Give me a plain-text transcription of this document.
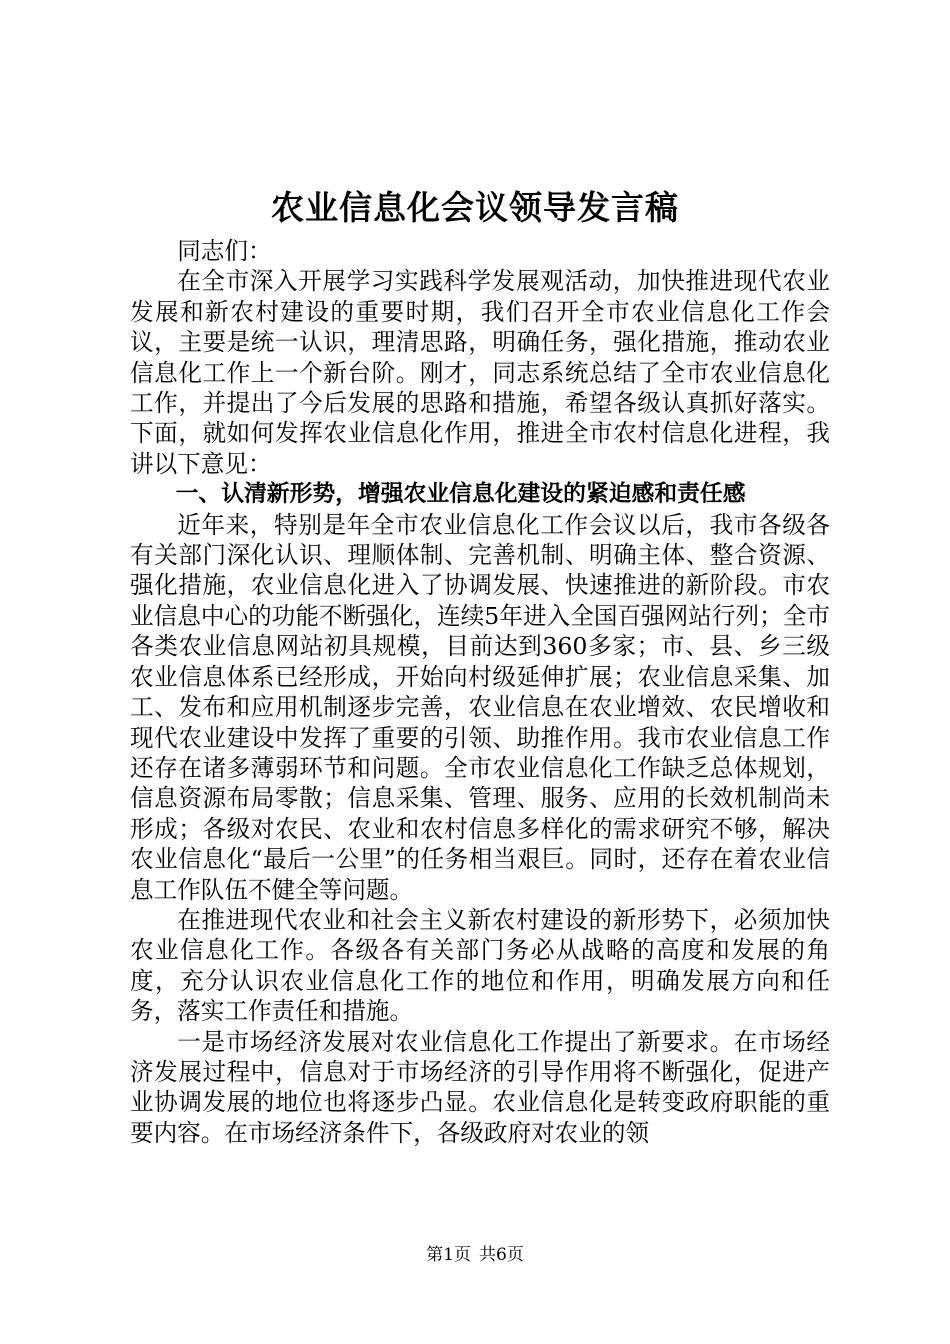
农业信息化会议领导发言稿

同志们：

在全市深入开展学习实践科学发展观活动，加快推进现代农业发展和新农村建设的重要时期，我们召开全市农业信息化工作会议，主要是统一认识，理清思路，明确任务，强化措施，推动农业信息化工作上一个新台阶。刚才，同志系统总结了全市农业信息化工作，并提出了今后发展的思路和措施，希望各级认真抓好落实。下面，就如何发挥农业信息化作用，推进全市农村信息化进程，我讲以下意见：

一、认清新形势，增强农业信息化建设的紧迫感和责任感

近年来，特别是年全市农业信息化工作会议以后，我市各级各有关部门深化认识、理顺体制、完善机制、明确主体、整合资源、强化措施，农业信息化进入了协调发展、快速推进的新阶段。市农业信息中心的功能不断强化，连续5年进入全国百强网站行列；全市各类农业信息网站初具规模，目前达到360多家；市、县、乡三级农业信息体系已经形成，开始向村级延伸扩展；农业信息采集、加工、发布和应用机制逐步完善，农业信息在农业增效、农民增收和现代农业建设中发挥了重要的引领、助推作用。我市农业信息工作还存在诸多薄弱环节和问题。全市农业信息化工作缺乏总体规划，信息资源布局零散；信息采集、管理、服务、应用的长效机制尚未形成；各级对农民、农业和农村信息多样化的需求研究不够，解决农业信息化“最后一公里”的任务相当艰巨。同时，还存在着农业信息工作队伍不健全等问题。

在推进现代农业和社会主义新农村建设的新形势下，必须加快农业信息化工作。各级各有关部门务必从战略的高度和发展的角度，充分认识农业信息化工作的地位和作用，明确发展方向和任务，落实工作责任和措施。

一是市场经济发展对农业信息化工作提出了新要求。在市场经济发展过程中，信息对于市场经济的引导作用将不断强化，促进产业协调发展的地位也将逐步凸显。农业信息化是转变政府职能的重要内容。在市场经济条件下，各级政府对农业的领

第1页 共6页
